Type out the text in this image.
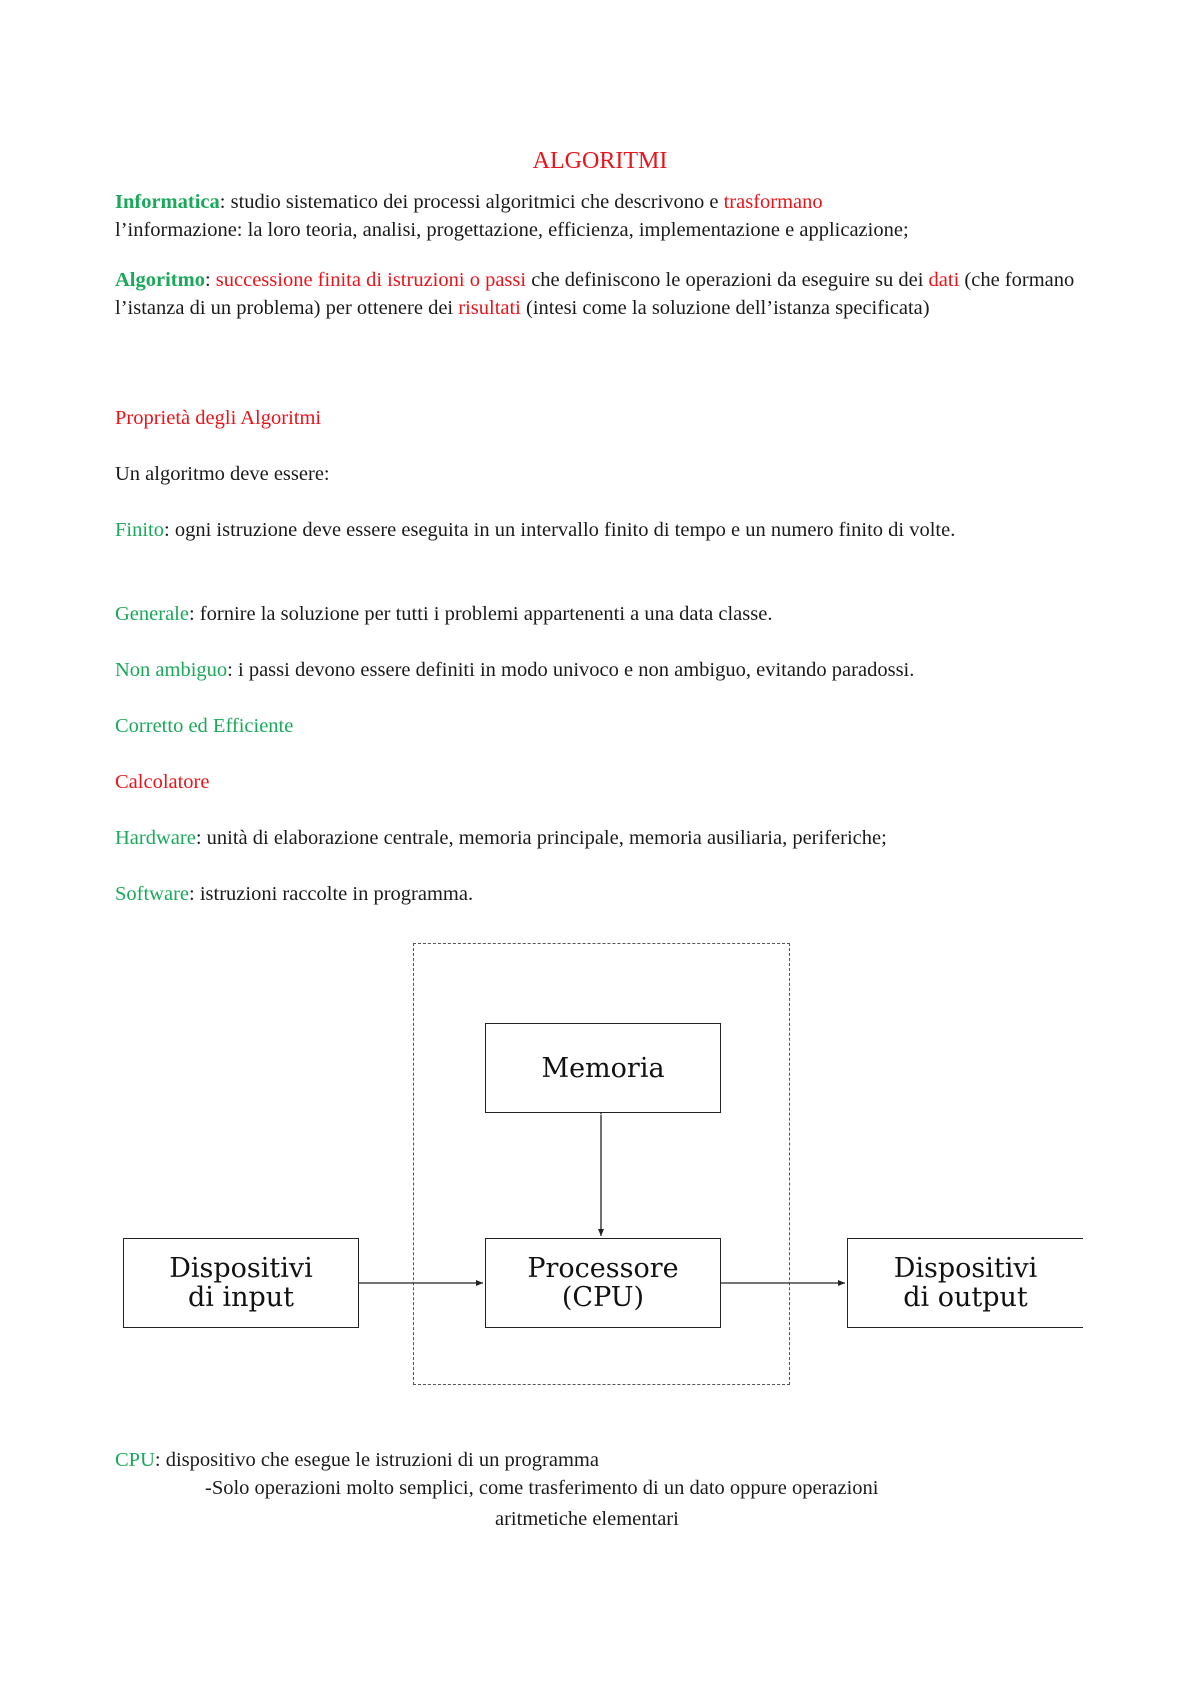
ALGORITMI
Informatica: studio sistematico dei processi algoritmici che descrivono e trasformano
l’informazione: la loro teoria, analisi, progettazione, efficienza, implementazione e applicazione;
Algoritmo: successione finita di istruzioni o passi che definiscono le operazioni da eseguire su dei dati (che formano l’istanza di un problema) per ottenere dei risultati (intesi come la soluzione dell’istanza specificata)
Proprietà degli Algoritmi
Un algoritmo deve essere:
Finito: ogni istruzione deve essere eseguita in un intervallo finito di tempo e un numero finito di volte.
Generale: fornire la soluzione per tutti i problemi appartenenti a una data classe.
Non ambiguo: i passi devono essere definiti in modo univoco e non ambiguo, evitando paradossi.
Corretto ed Efficiente
Calcolatore
Hardware: unità di elaborazione centrale, memoria principale, memoria ausiliaria, periferiche;
Software: istruzioni raccolte in programma.
Memoria
Processore
(CPU)
Dispositivi
di input
Dispositivi
di output
CPU: dispositivo che esegue le istruzioni di un programma
-Solo operazioni molto semplici, come trasferimento di un dato oppure operazioni
aritmetiche elementari
